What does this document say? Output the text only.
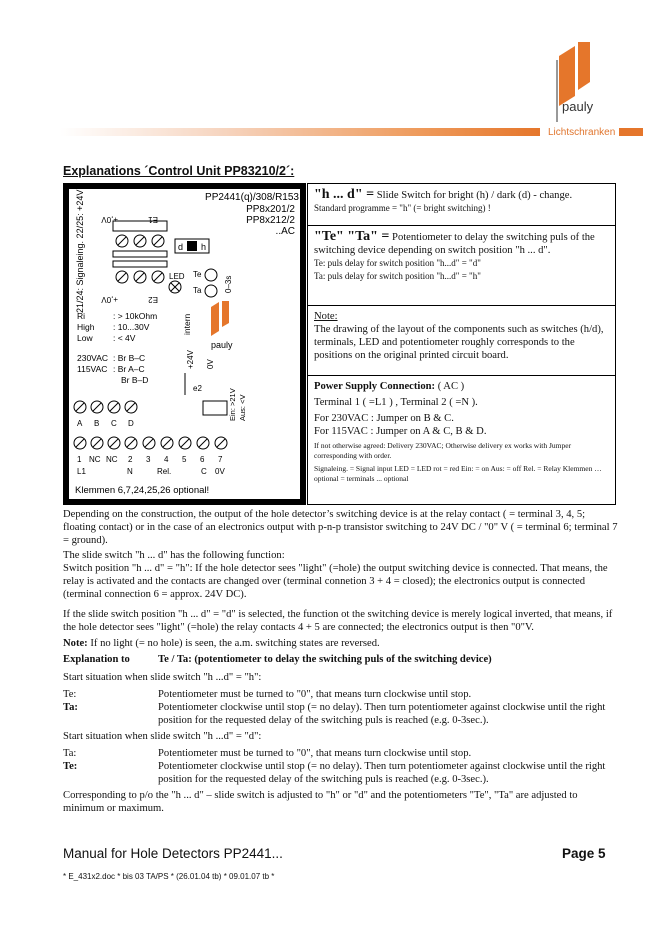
pauly
Lichtschranken
Explanations ´Control Unit PP83210/2´:
PP2441(q)/308/R153
PP8x201/2
PP8x212/2
..AC
21/24: Signaleing. 22/25: +24VDC 23/26: 0V +,0V	E1
+,0V	E2
d h
LED Te
Ta	0–3s
Ri	: > 10kOhm
High : 10...30V
Low : < 4V
intern
pauly
230VAC : Br B–C
115VAC : Br A–C
Br B–D
+24V 0V
e2	Ein: >21V Aus: <V
A B C D
1 NC NC 2 3 4 5 6 7
L1	N	Rel.	C 0V
Klemmen 6,7,24,25,26 optional!
"h ... d" = Slide Switch for bright (h) / dark (d) - change.
Standard programme = "h" (= bright switching) !
"Te" "Ta" = Potentiometer to delay the switching puls of the switching device depending on switch position "h ... d".
Te: puls delay for switch position "h...d" = "d"
Ta: puls delay for switch position "h...d" = "h"
Note:
The drawing of the layout of the components such as switches (h/d), terminals, LED and potentiometer roughly corresponds to the positions on the original printed circuit board.
Power Supply Connection: ( AC )
Terminal 1 ( =L1 ) , Terminal 2 ( =N ).
For 230VAC : Jumper on B & C.
For 115VAC : Jumper on A & C, B & D.
If not otherwise agreed: Delivery 230VAC; Otherwise delivery ex works with Jumper corresponding with order.
Signaleing. = Signal input LED = LED rot = red Ein: = on Aus: = off Rel. = Relay Klemmen … optional = terminals ... optional
Depending on the construction, the output of the hole detector’s switching device is at the relay contact ( = terminal 3, 4, 5; floating contact) or in the case of an electronics output with p-n-p transistor switching to 24V DC / "0" V ( = terminal 6; terminal 7 = ground).
The slide switch "h ... d" has the following function:
Switch position "h ... d" = "h": If the hole detector sees "light" (=hole) the output switching device is connected. That means, the relay is activated and the contacts are changed over (terminal connetion 3 + 4 = closed); the electronics output is connected (terminal connection 6 = approx. 24V DC).
If the slide switch position "h ... d" = "d" is selected, the function ot the switching device is merely logical inverted, that means, if the hole detector sees "light" (=hole) the relay contacts 4 + 5 are connected; the electronics output is then "0"V.
Note: If no light (= no hole) is seen, the a.m. switching states are reversed.
Explanation to	Te / Ta: (potentiometer to delay the switching puls of the switching device)
Start situation when slide switch "h ...d" = "h":
Te:	Potentiometer must be turned to "0", that means turn clockwise until stop.
Ta:	Potentiometer clockwise until stop (= no delay). Then turn potentiometer against clockwise until the right position for the requested delay of the switching puls is reached (e.g. 0-3sec.).
Start situation when slide switch "h ...d" = "d":
Ta:	Potentiometer must be turned to "0", that means turn clockwise until stop.
Te:	Potentiometer clockwise until stop (= no delay). Then turn potentiometer against clockwise until the right position for the requested delay of the switching puls is reached (e.g. 0-3sec.).
Corresponding to p/o the "h ... d" – slide switch is adjusted to "h" or "d" and the potentiometers "Te", "Ta" are adjusted to minimum or maximum.
Manual for Hole Detectors PP2441...	Page 5
* E_431x2.doc * bis 03 TA/PS * (26.01.04 tb) * 09.01.07 tb *
